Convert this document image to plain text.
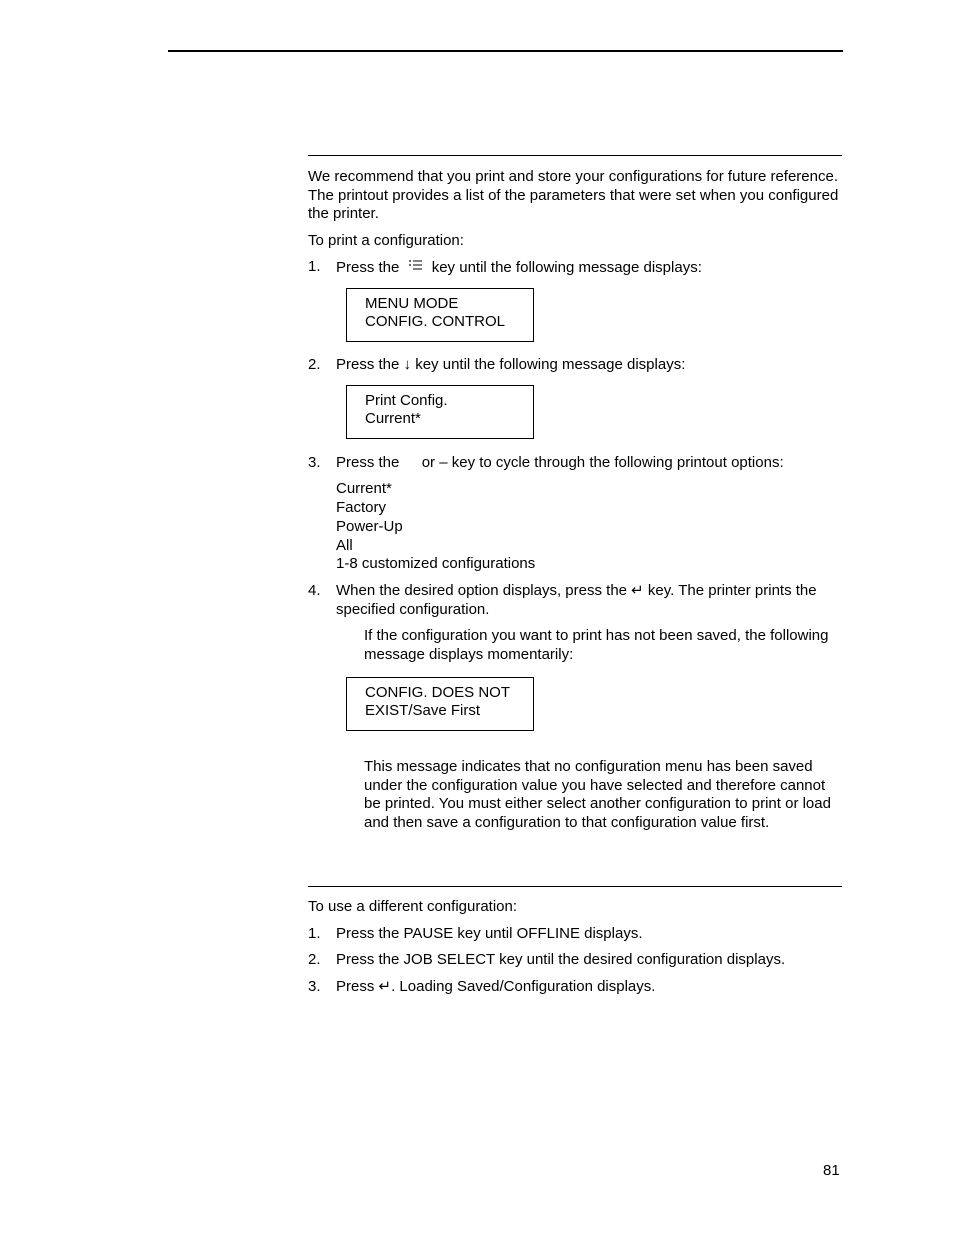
We recommend that you print and store your configurations for future reference. The printout provides a list of the parameters that were set when you configured the printer.

To print a configuration:

1. Press the key until the following message displays:
MENU MODE
CONFIG. CONTROL
2. Press the ↓ key until the following message displays:
Print Config.
Current*
3. Press the or – key to cycle through the following printout options:
Current*
Factory
Power-Up
All
1-8 customized configurations
4. When the desired option displays, press the ↵ key. The printer prints the specified configuration.

If the configuration you want to print has not been saved, the following message displays momentarily:

CONFIG. DOES NOT
EXIST/Save First

This message indicates that no configuration menu has been saved under the configuration value you have selected and therefore cannot be printed. You must either select another configuration to print or load and then save a configuration to that configuration value first.

To use a different configuration:

1. Press the PAUSE key until OFFLINE displays.
2. Press the JOB SELECT key until the desired configuration displays.
3. Press ↵. Loading Saved/Configuration displays.
81
